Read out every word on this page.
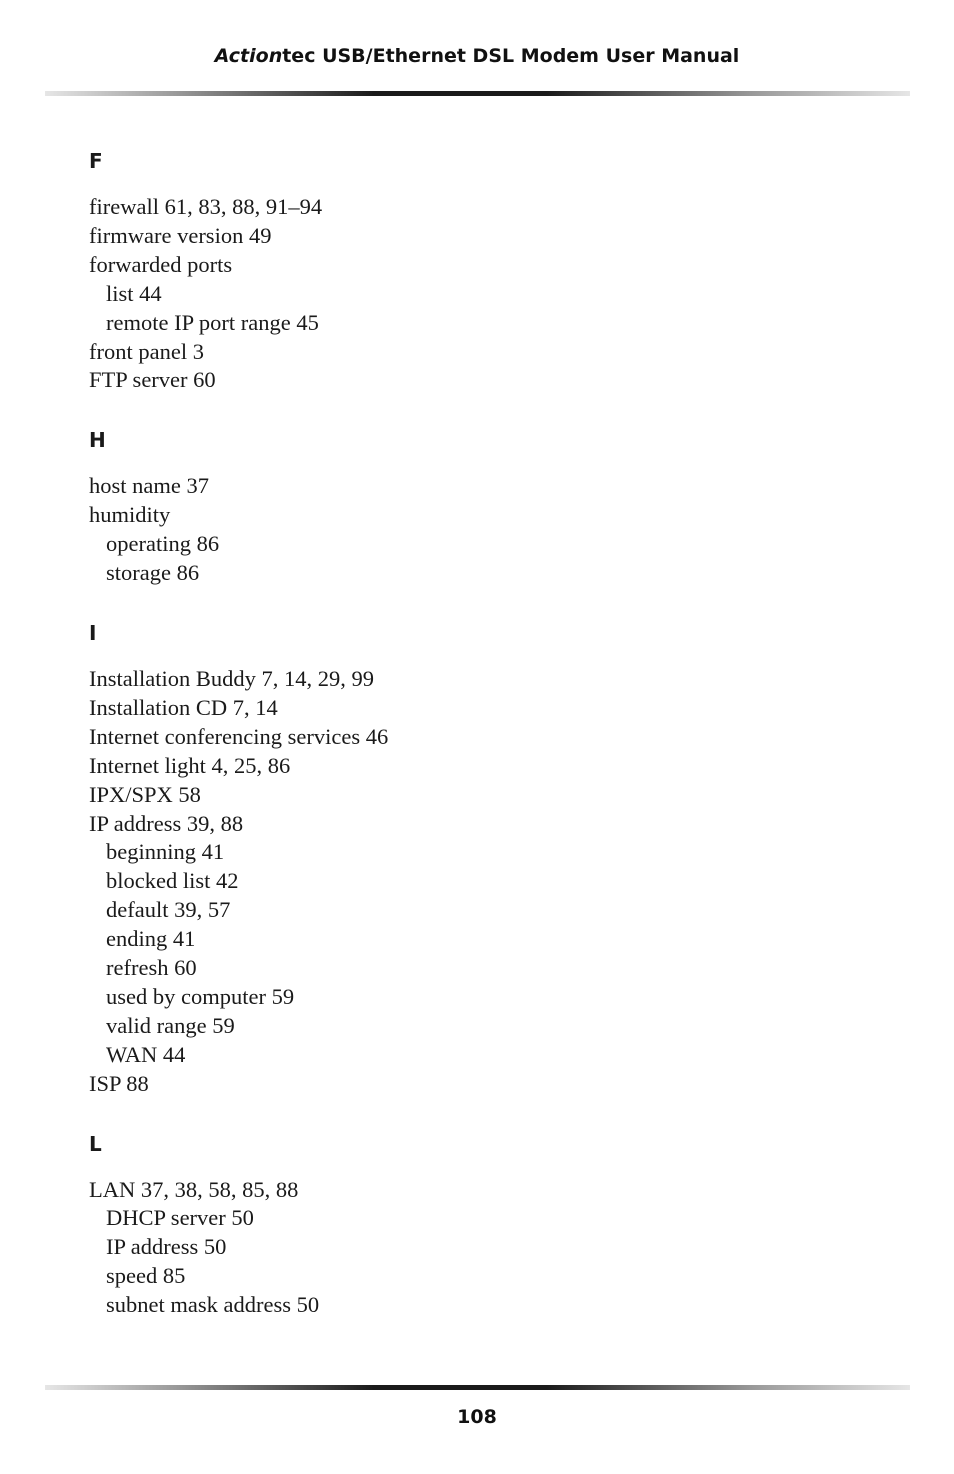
Actiontec USB/Ethernet DSL Modem User Manual
F
firewall 61, 83, 88, 91–94
firmware version 49
forwarded ports
list 44
remote IP port range 45
front panel 3
FTP server 60
H
host name 37
humidity
operating 86
storage 86
I
Installation Buddy 7, 14, 29, 99
Installation CD 7, 14
Internet conferencing services 46
Internet light 4, 25, 86
IPX/SPX 58
IP address 39, 88
beginning 41
blocked list 42
default 39, 57
ending 41
refresh 60
used by computer 59
valid range 59
WAN 44
ISP 88
L
LAN 37, 38, 58, 85, 88
DHCP server 50
IP address 50
speed 85
subnet mask address 50
108
